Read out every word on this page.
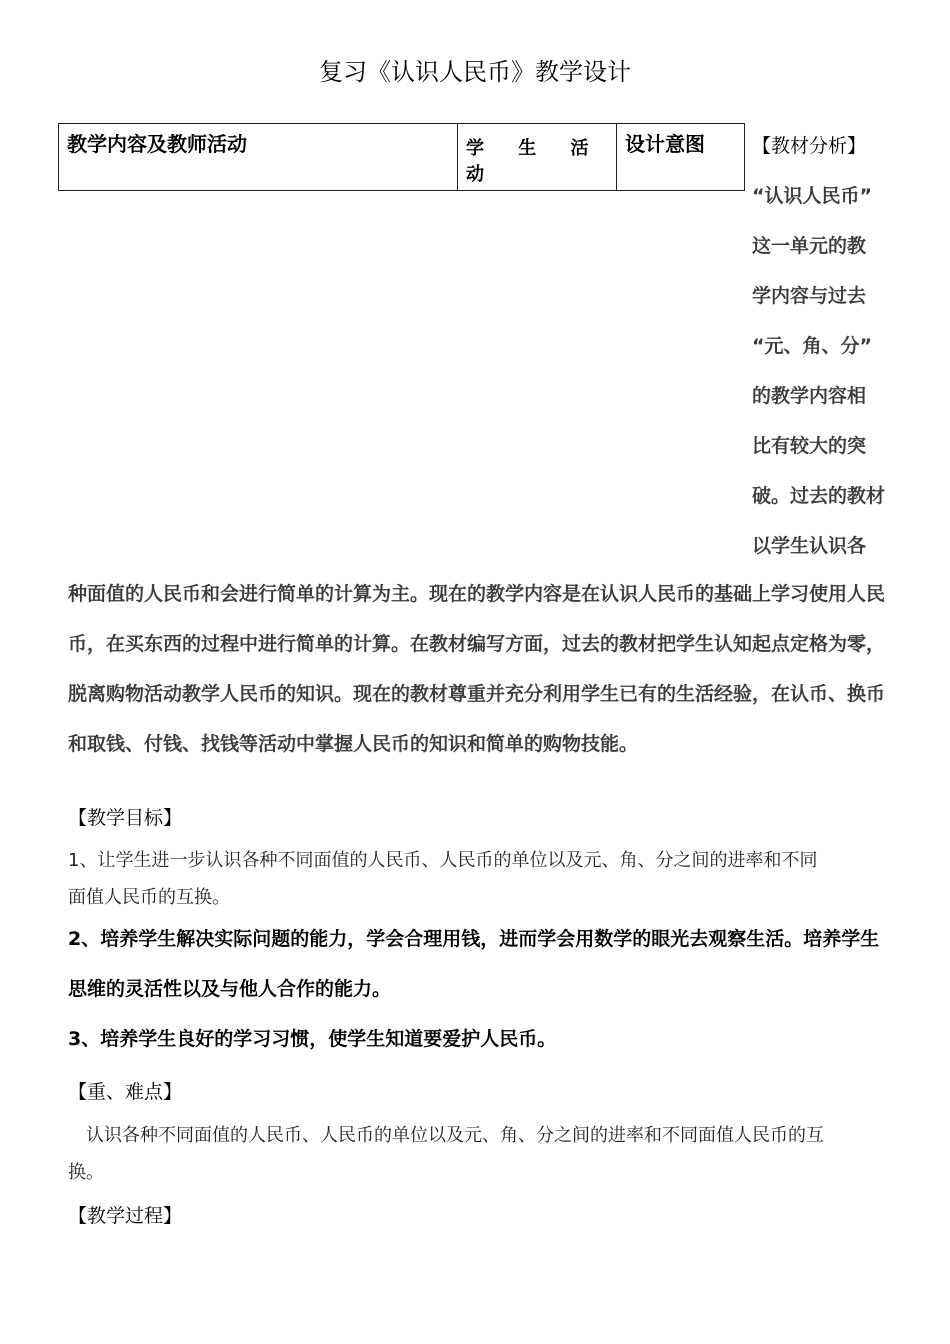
复习《认识人民币》教学设计
教学内容及教师活动	学 生 活 动	设计意图 【教材分析】
“认识人民币”
这一单元的教
学内容与过去
“元、角、分”
的教学内容相
比有较大的突
破。过去的教材
以学生认识各
种面值的人民币和会进行简单的计算为主。现在的教学内容是在认识人民币的基础上学习使用人民
币，在买东西的过程中进行简单的计算。在教材编写方面，过去的教材把学生认知起点定格为零，
脱离购物活动教学人民币的知识。现在的教材尊重并充分利用学生已有的生活经验，在认币、换币
和取钱、付钱、找钱等活动中掌握人民币的知识和简单的购物技能。
【教学目标】
1、让学生进一步认识各种不同面值的人民币、人民币的单位以及元、角、分之间的进率和不同
面值人民币的互换。
2、培养学生解决实际问题的能力，学会合理用钱，进而学会用数学的眼光去观察生活。培养学生
思维的灵活性以及与他人合作的能力。
3、培养学生良好的学习习惯，使学生知道要爱护人民币。
【重、难点】
　认识各种不同面值的人民币、人民币的单位以及元、角、分之间的进率和不同面值人民币的互
换。
【教学过程】
